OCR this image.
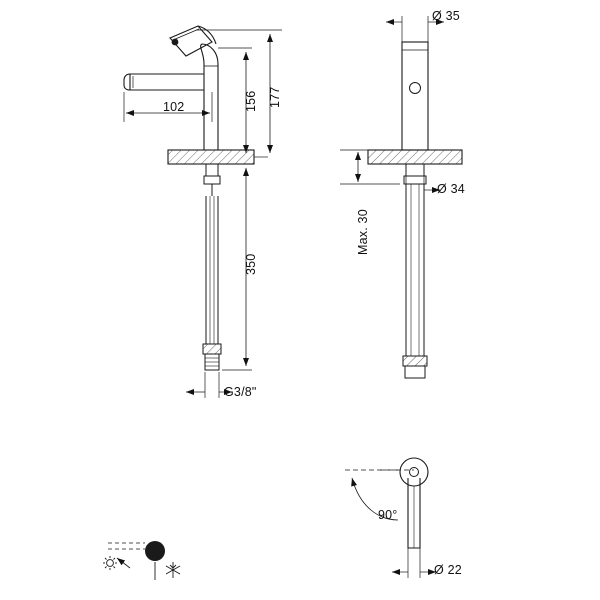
102	156 177
350
G3/8"
Ø 35
Ø 34
Max. 30
90°
Ø 22
